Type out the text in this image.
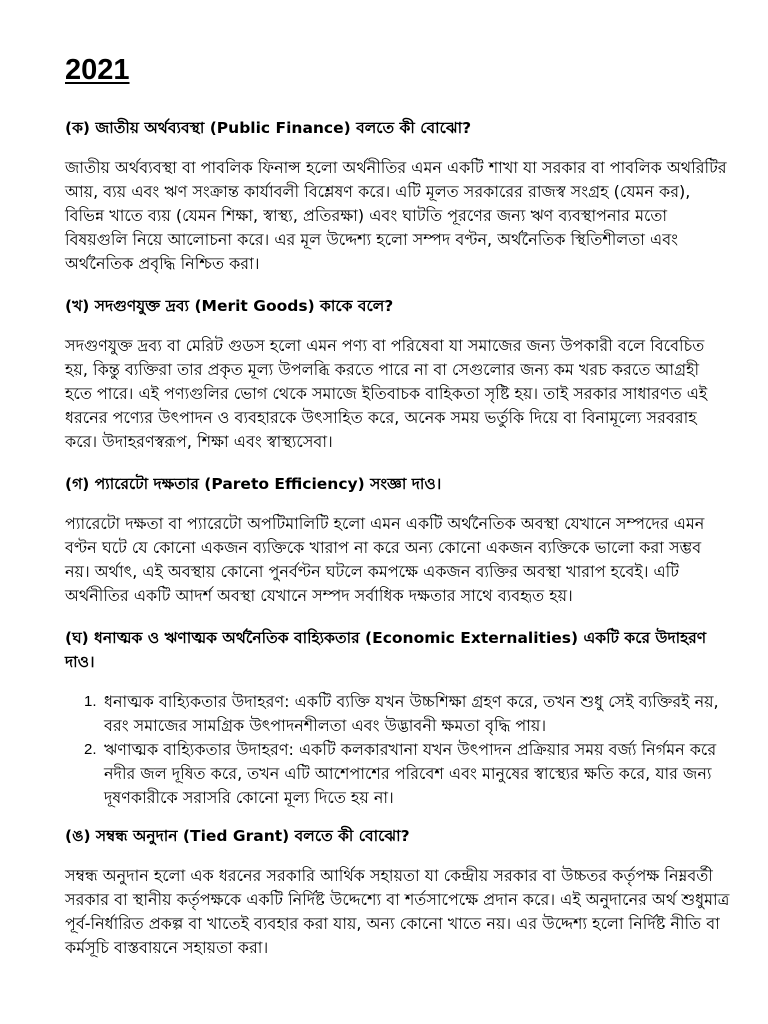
2021
(ক) জাতীয় অর্থব্যবস্থা (Public Finance) বলতে কী বোঝো?
জাতীয় অর্থব্যবস্থা বা পাবলিক ফিনান্স হলো অর্থনীতির এমন একটি শাখা যা সরকার বা পাবলিক অথরিটির আয়, ব্যয় এবং ঋণ সংক্রান্ত কার্যাবলী বিশ্লেষণ করে। এটি মূলত সরকারের রাজস্ব সংগ্রহ (যেমন কর), বিভিন্ন খাতে ব্যয় (যেমন শিক্ষা, স্বাস্থ্য, প্রতিরক্ষা) এবং ঘাটতি পূরণের জন্য ঋণ ব্যবস্থাপনার মতো বিষয়গুলি নিয়ে আলোচনা করে। এর মূল উদ্দেশ্য হলো সম্পদ বণ্টন, অর্থনৈতিক স্থিতিশীলতা এবং অর্থনৈতিক প্রবৃদ্ধি নিশ্চিত করা।
(খ) সদগুণযুক্ত দ্রব্য (Merit Goods) কাকে বলে?
সদগুণযুক্ত দ্রব্য বা মেরিট গুডস হলো এমন পণ্য বা পরিষেবা যা সমাজের জন্য উপকারী বলে বিবেচিত হয়, কিন্তু ব্যক্তিরা তার প্রকৃত মূল্য উপলব্ধি করতে পারে না বা সেগুলোর জন্য কম খরচ করতে আগ্রহী হতে পারে। এই পণ্যগুলির ভোগ থেকে সমাজে ইতিবাচক বাহিকতা সৃষ্টি হয়। তাই সরকার সাধারণত এই ধরনের পণ্যের উৎপাদন ও ব্যবহারকে উৎসাহিত করে, অনেক সময় ভর্তুকি দিয়ে বা বিনামূল্যে সরবরাহ করে। উদাহরণস্বরূপ, শিক্ষা এবং স্বাস্থ্যসেবা।
(গ) প্যারেটো দক্ষতার (Pareto Efficiency) সংজ্ঞা দাও।
প্যারেটো দক্ষতা বা প্যারেটো অপটিমালিটি হলো এমন একটি অর্থনৈতিক অবস্থা যেখানে সম্পদের এমন বণ্টন ঘটে যে কোনো একজন ব্যক্তিকে খারাপ না করে অন্য কোনো একজন ব্যক্তিকে ভালো করা সম্ভব নয়। অর্থাৎ, এই অবস্থায় কোনো পুনর্বণ্টন ঘটলে কমপক্ষে একজন ব্যক্তির অবস্থা খারাপ হবেই। এটি অর্থনীতির একটি আদর্শ অবস্থা যেখানে সম্পদ সর্বাধিক দক্ষতার সাথে ব্যবহৃত হয়।
(ঘ) ধনাত্মক ও ঋণাত্মক অর্থনৈতিক বাহ্যিকতার (Economic Externalities) একটি করে উদাহরণ দাও।
1. ধনাত্মক বাহ্যিকতার উদাহরণ: একটি ব্যক্তি যখন উচ্চশিক্ষা গ্রহণ করে, তখন শুধু সেই ব্যক্তিরই নয়, বরং সমাজের সামগ্রিক উৎপাদনশীলতা এবং উদ্ভাবনী ক্ষমতা বৃদ্ধি পায়।
2. ঋণাত্মক বাহ্যিকতার উদাহরণ: একটি কলকারখানা যখন উৎপাদন প্রক্রিয়ার সময় বর্জ্য নির্গমন করে নদীর জল দূষিত করে, তখন এটি আশেপাশের পরিবেশ এবং মানুষের স্বাস্থ্যের ক্ষতি করে, যার জন্য দূষণকারীকে সরাসরি কোনো মূল্য দিতে হয় না।
(ঙ) সম্বন্ধ অনুদান (Tied Grant) বলতে কী বোঝো?
সম্বন্ধ অনুদান হলো এক ধরনের সরকারি আর্থিক সহায়তা যা কেন্দ্রীয় সরকার বা উচ্চতর কর্তৃপক্ষ নিম্নবর্তী সরকার বা স্থানীয় কর্তৃপক্ষকে একটি নির্দিষ্ট উদ্দেশ্যে বা শর্তসাপেক্ষে প্রদান করে। এই অনুদানের অর্থ শুধুমাত্র পূর্ব-নির্ধারিত প্রকল্প বা খাতেই ব্যবহার করা যায়, অন্য কোনো খাতে নয়। এর উদ্দেশ্য হলো নির্দিষ্ট নীতি বা কর্মসূচি বাস্তবায়নে সহায়তা করা।
